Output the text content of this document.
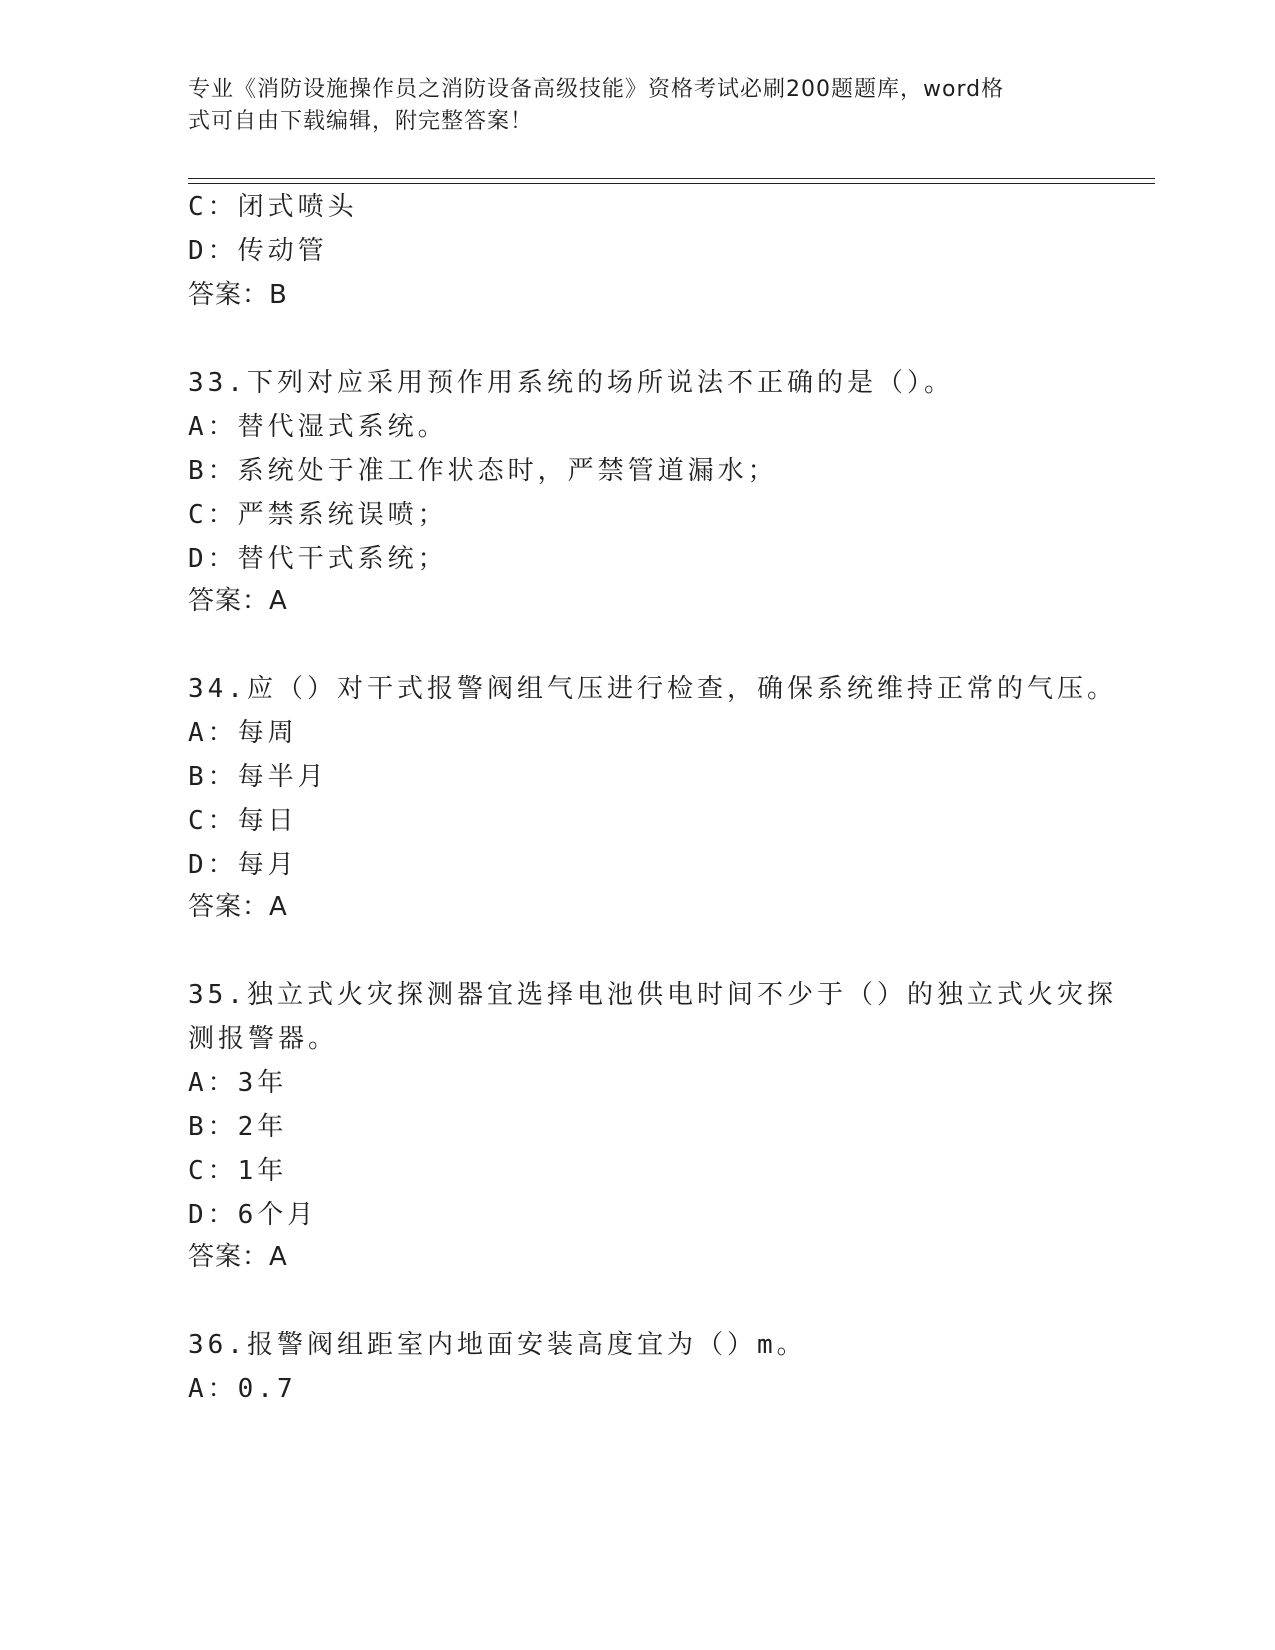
专业《消防设施操作员之消防设备高级技能》资格考试必刷200题题库，word格
式可自由下载编辑，附完整答案！
C：闭式喷头
D：传动管
答案：B
33.下列对应采用预作用系统的场所说法不正确的是（）。
A：替代湿式系统。
B：系统处于准工作状态时，严禁管道漏水；
C：严禁系统误喷；
D：替代干式系统；
答案：A
34.应（）对干式报警阀组气压进行检查，确保系统维持正常的气压。
A：每周
B：每半月
C：每日
D：每月
答案：A
35.独立式火灾探测器宜选择电池供电时间不少于（）的独立式火灾探
测报警器。
A：3年
B：2年
C：1年
D：6个月
答案：A
36.报警阀组距室内地面安装高度宜为（）m。
A：0.7
